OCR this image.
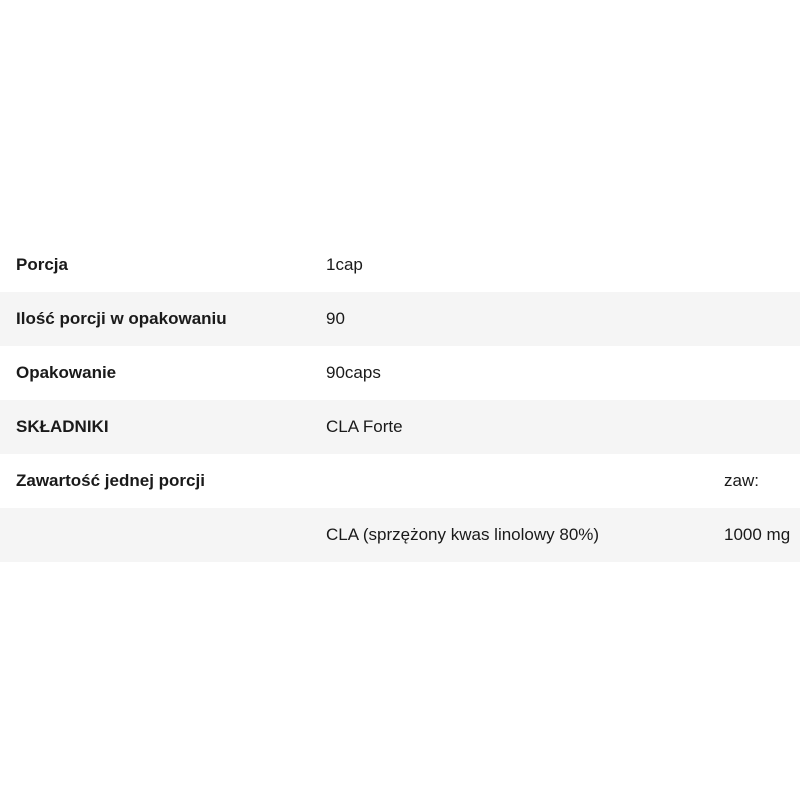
Porcja	1cap	

Ilość porcji w opakowaniu	90	

Opakowanie	90caps	

SKŁADNIKI	CLA Forte	

Zawartość jednej porcji		zaw:

	CLA (sprzężony kwas linolowy 80%)	1000 mg
